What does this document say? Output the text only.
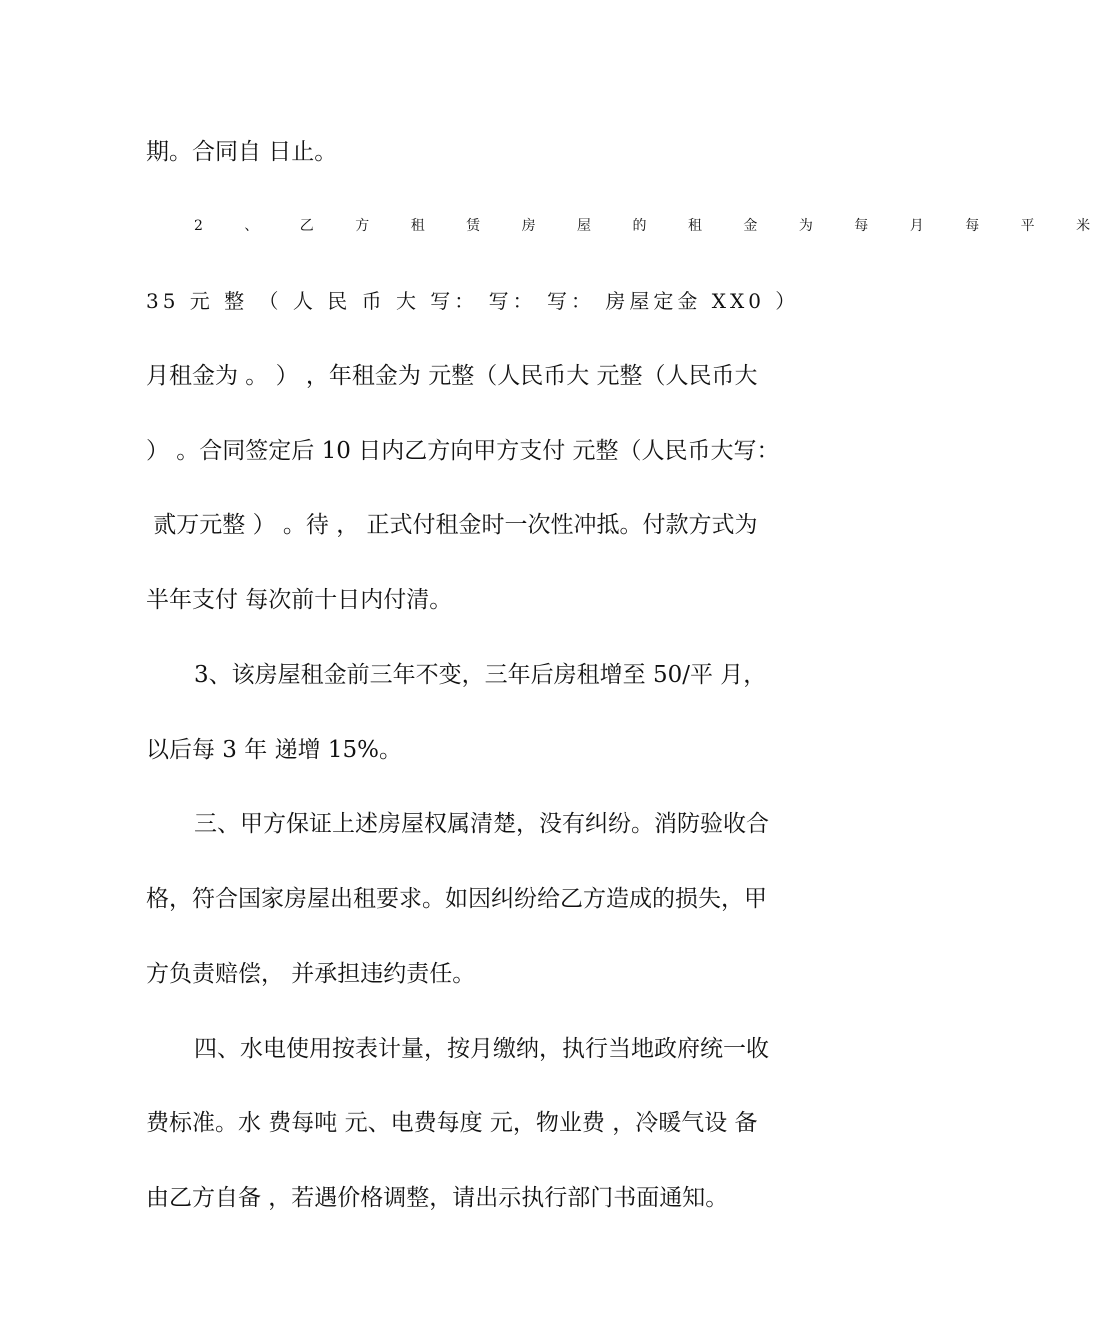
期。合同自 日止。
2 、 乙 方 租 赁 房 屋 的 租 金 为 每 月 每 平 米
35 元 整 （ 人 民 币 大 写： 写： 写： 房屋定金 XX0 ）
月租金为 。 ） ，年租金为 元整（人民币大 元整（人民币大
） 。合同签定后 10 日内乙方向甲方支付 元整（人民币大写：
贰万元整 ） 。待 ， 正式付租金时一次性冲抵。付款方式为
半年支付 每次前十日内付清。
3、该房屋租金前三年不变，三年后房租增至 50/平 月，
以后每 3 年 递增 15%。
三、甲方保证上述房屋权属清楚，没有纠纷。消防验收合
格，符合国家房屋出租要求。如因纠纷给乙方造成的损失，甲
方负责赔偿， 并承担违约责任。
四、水电使用按表计量，按月缴纳，执行当地政府统一收
费标准。水 费每吨 元、电费每度 元，物业费 ，冷暖气设 备
由乙方自备 ，若遇价格调整，请出示执行部门书面通知。
